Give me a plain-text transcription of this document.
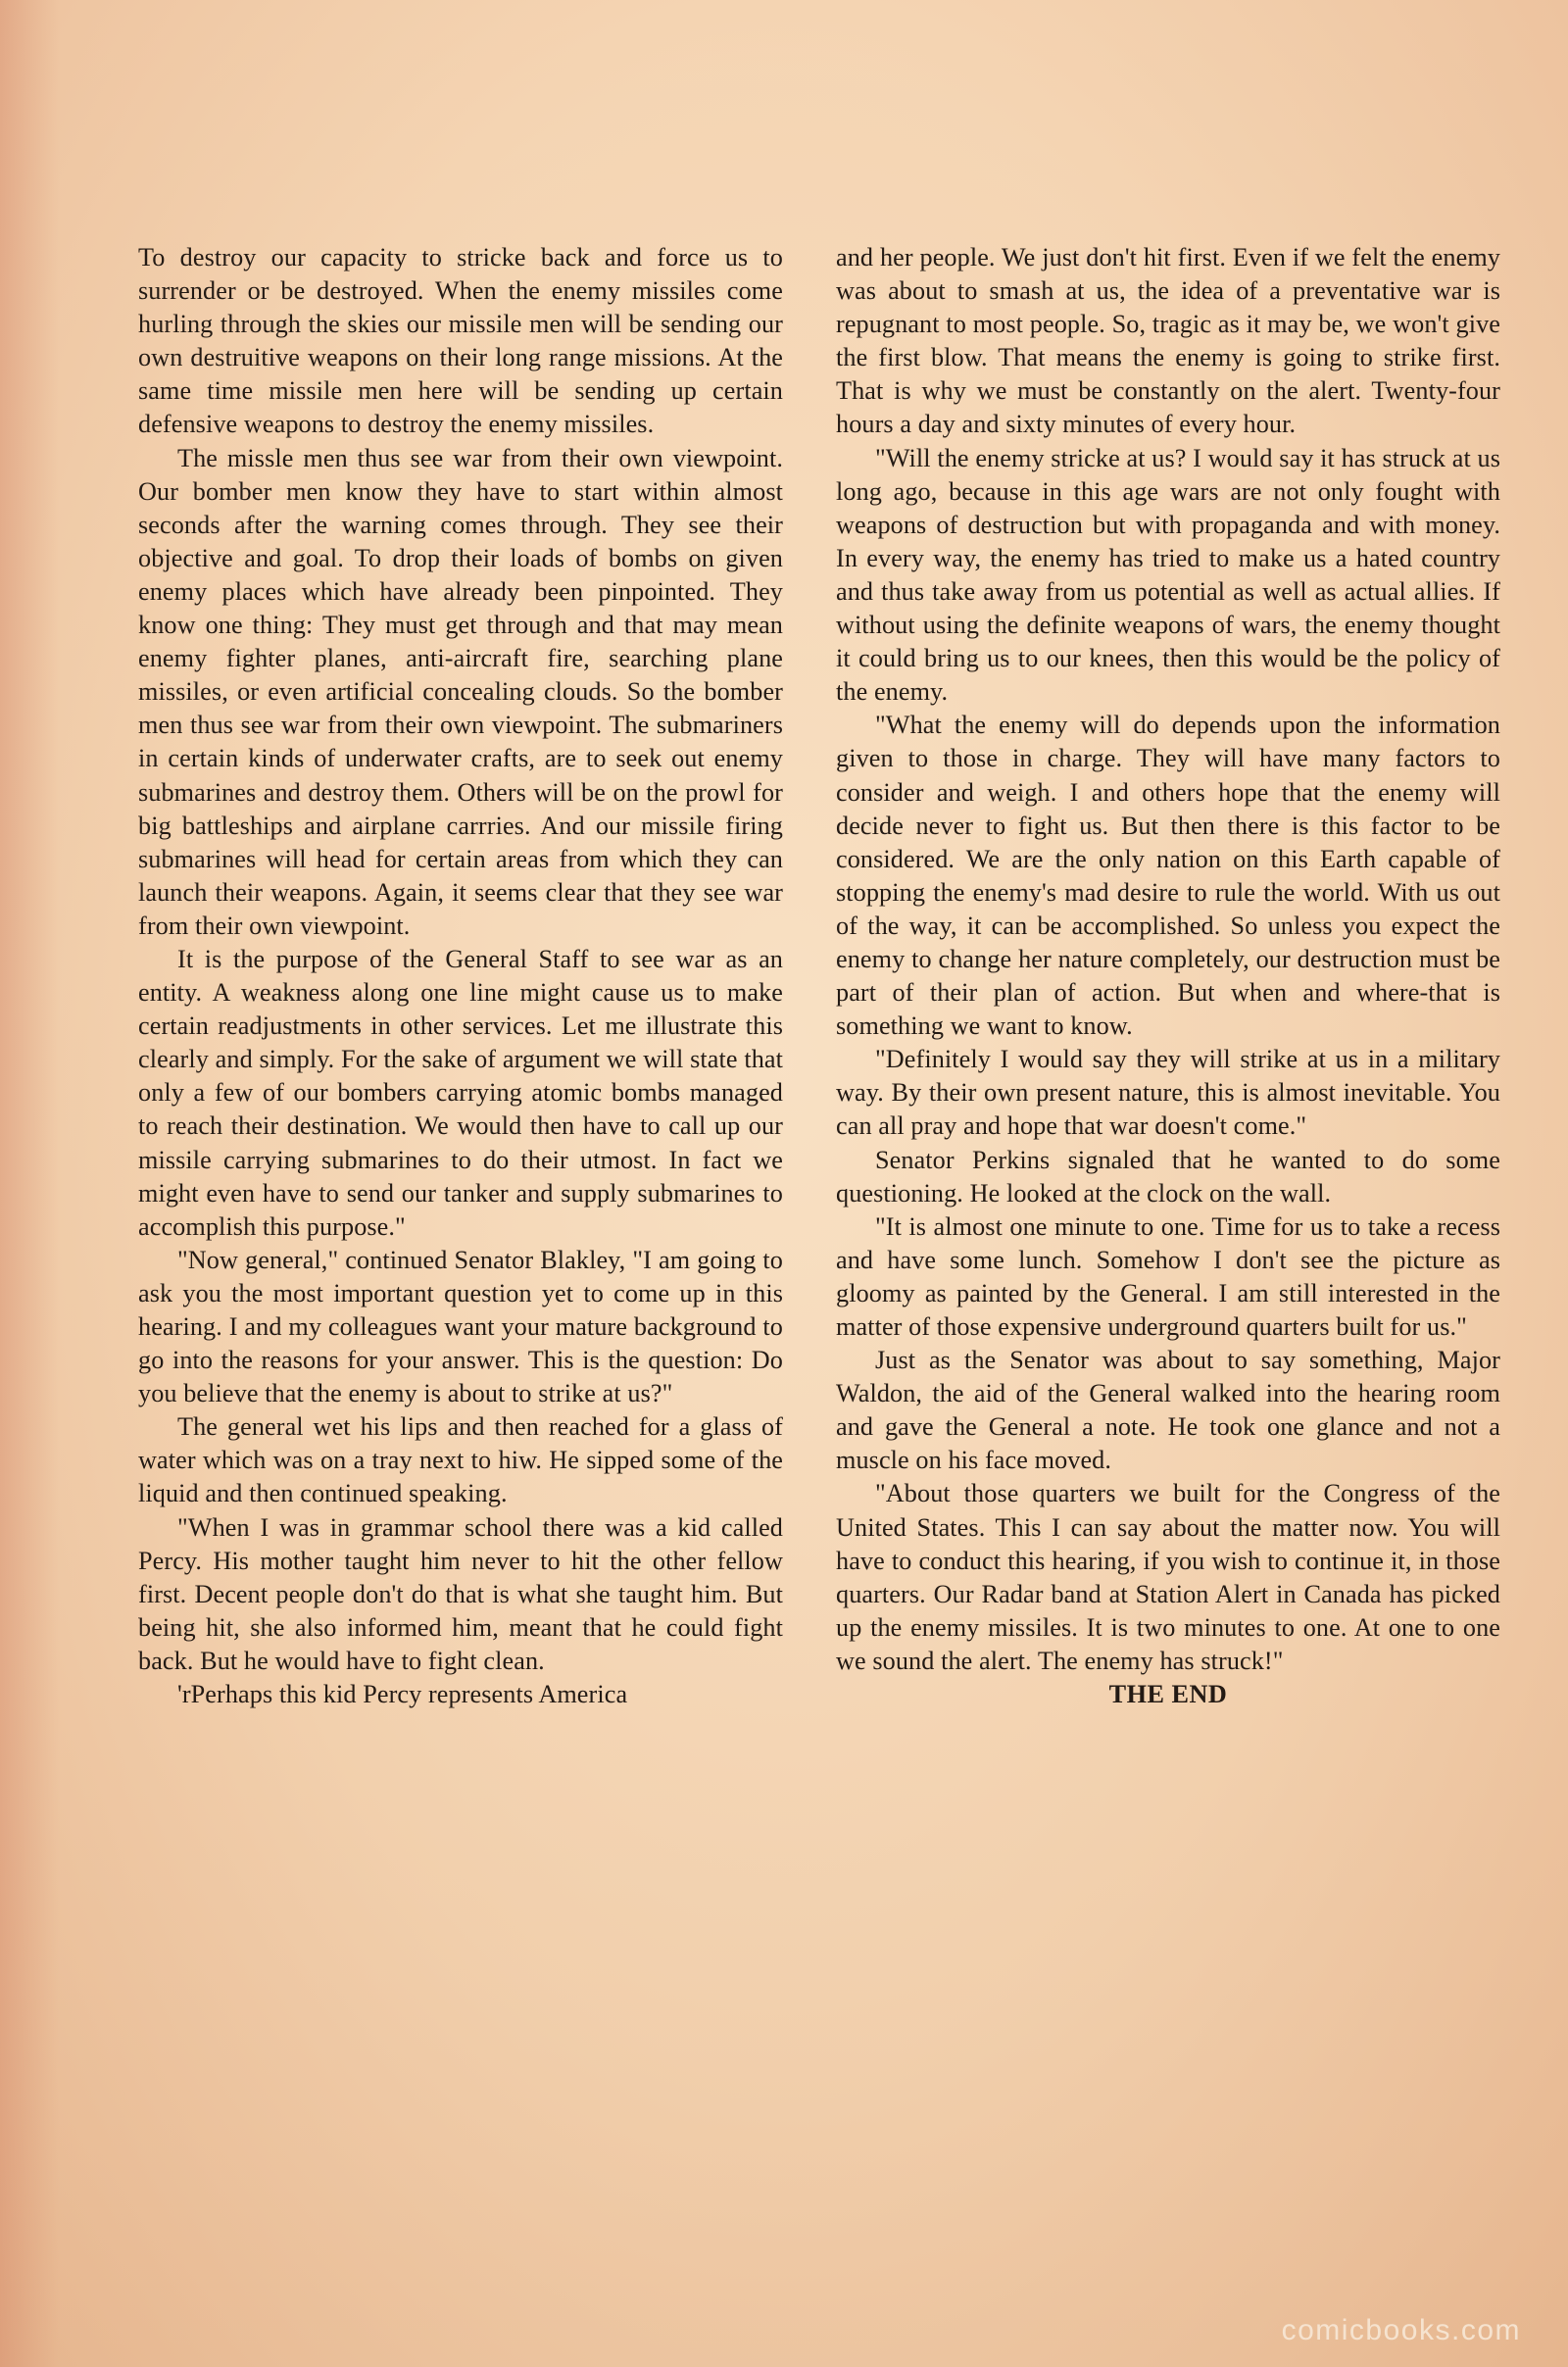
To destroy our capacity to stricke back and force us to surrender or be destroyed. When the enemy missiles come hurling through the skies our missile men will be sending our own destruitive weapons on their long range missions. At the same time missile men here will be sending up certain defensive weapons to destroy the enemy missiles.

The missle men thus see war from their own viewpoint. Our bomber men know they have to start within almost seconds after the warning comes through. They see their objective and goal. To drop their loads of bombs on given enemy places which have already been pinpointed. They know one thing: They must get through and that may mean enemy fighter planes, anti-aircraft fire, searching plane missiles, or even artificial concealing clouds. So the bomber men thus see war from their own viewpoint. The submariners in certain kinds of underwater crafts, are to seek out enemy submarines and destroy them. Others will be on the prowl for big battleships and airplane carrries. And our missile firing submarines will head for certain areas from which they can launch their weapons. Again, it seems clear that they see war from their own viewpoint.

It is the purpose of the General Staff to see war as an entity. A weakness along one line might cause us to make certain readjustments in other services. Let me illustrate this clearly and simply. For the sake of argument we will state that only a few of our bombers carrying atomic bombs managed to reach their destination. We would then have to call up our missile carrying submarines to do their utmost. In fact we might even have to send our tanker and supply submarines to accomplish this purpose."

"Now general," continued Senator Blakley, "I am going to ask you the most important question yet to come up in this hearing. I and my colleagues want your mature background to go into the reasons for your answer. This is the question: Do you believe that the enemy is about to strike at us?"

The general wet his lips and then reached for a glass of water which was on a tray next to hiw. He sipped some of the liquid and then continued speaking.

"When I was in grammar school there was a kid called Percy. His mother taught him never to hit the other fellow first. Decent people don't do that is what she taught him. But being hit, she also informed him, meant that he could fight back. But he would have to fight clean.

'rPerhaps this kid Percy represents America

and her people. We just don't hit first. Even if we felt the enemy was about to smash at us, the idea of a preventative war is repugnant to most people. So, tragic as it may be, we won't give the first blow. That means the enemy is going to strike first. That is why we must be constantly on the alert. Twenty-four hours a day and sixty minutes of every hour.

"Will the enemy stricke at us? I would say it has struck at us long ago, because in this age wars are not only fought with weapons of destruction but with propaganda and with money. In every way, the enemy has tried to make us a hated country and thus take away from us potential as well as actual allies. If without using the definite weapons of wars, the enemy thought it could bring us to our knees, then this would be the policy of the enemy.

"What the enemy will do depends upon the information given to those in charge. They will have many factors to consider and weigh. I and others hope that the enemy will decide never to fight us. But then there is this factor to be considered. We are the only nation on this Earth capable of stopping the enemy's mad desire to rule the world. With us out of the way, it can be accomplished. So unless you expect the enemy to change her nature completely, our destruction must be part of their plan of action. But when and where-that is something we want to know.

"Definitely I would say they will strike at us in a military way. By their own present nature, this is almost inevitable. You can all pray and hope that war doesn't come."

Senator Perkins signaled that he wanted to do some questioning. He looked at the clock on the wall.

"It is almost one minute to one. Time for us to take a recess and have some lunch. Somehow I don't see the picture as gloomy as painted by the General. I am still interested in the matter of those expensive underground quarters built for us."

Just as the Senator was about to say something, Major Waldon, the aid of the General walked into the hearing room and gave the General a note. He took one glance and not a muscle on his face moved.

"About those quarters we built for the Congress of the United States. This I can say about the matter now. You will have to conduct this hearing, if you wish to continue it, in those quarters. Our Radar band at Station Alert in Canada has picked up the enemy missiles. It is two minutes to one. At one to one we sound the alert. The enemy has struck!"

THE END

comicbooks.com
